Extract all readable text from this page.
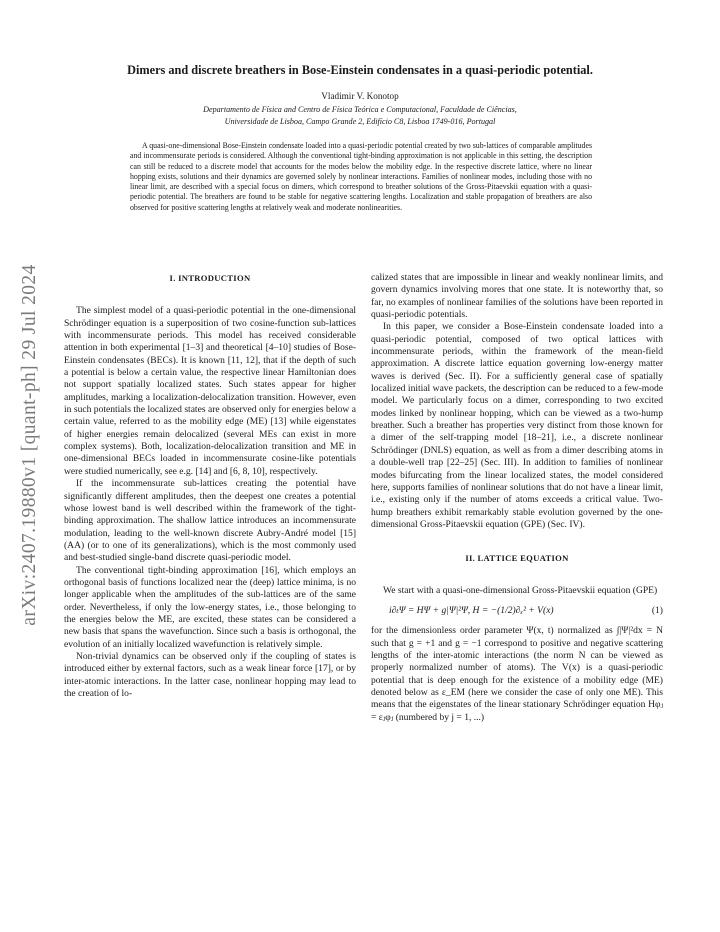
arXiv:2407.19880v1 [quant-ph] 29 Jul 2024
Dimers and discrete breathers in Bose-Einstein condensates in a quasi-periodic potential.
Vladimir V. Konotop
Departamento de Física and Centro de Física Teórica e Computacional, Faculdade de Ciências,
Universidade de Lisboa, Campo Grande 2, Edifício C8, Lisboa 1749-016, Portugal

A quasi-one-dimensional Bose-Einstein condensate loaded into a quasi-periodic potential created by two sub-lattices of comparable amplitudes and incommensurate periods is considered. Although the conventional tight-binding approximation is not applicable in this setting, the description can still be reduced to a discrete model that accounts for the modes below the mobility edge. In the respective discrete lattice, where no linear hopping exists, solutions and their dynamics are governed solely by nonlinear interactions. Families of nonlinear modes, including those with no linear limit, are described with a special focus on dimers, which correspond to breather solutions of the Gross-Pitaevskii equation with a quasi-periodic potential. The breathers are found to be stable for negative scattering lengths. Localization and stable propagation of breathers are also observed for positive scattering lengths at relatively weak and moderate nonlinearities.

I. INTRODUCTION

The simplest model of a quasi-periodic potential in the one-dimensional Schrödinger equation is a superposition of two cosine-function sub-lattices with incommensurate periods. This model has received considerable attention in both experimental [1–3] and theoretical [4–10] studies of Bose-Einstein condensates (BECs). It is known [11, 12], that if the depth of such a potential is below a certain value, the respective linear Hamiltonian does not support spatially localized states. Such states appear for higher amplitudes, marking a localization-delocalization transition. However, even in such potentials the localized states are observed only for energies below a certain value, referred to as the mobility edge (ME) [13] while eigenstates of higher energies remain delocalized (several MEs can exist in more complex systems). Both, localization-delocalization transition and ME in one-dimensional BECs loaded in incommensurate cosine-like potentials were studied numerically, see e.g. [14] and [6, 8, 10], respectively.

If the incommensurate sub-lattices creating the potential have significantly different amplitudes, then the deepest one creates a potential whose lowest band is well described within the framework of the tight-binding approximation. The shallow lattice introduces an incommensurate modulation, leading to the well-known discrete Aubry-André model [15] (AA) (or to one of its generalizations), which is the most commonly used and best-studied single-band discrete quasi-periodic model.

The conventional tight-binding approximation [16], which employs an orthogonal basis of functions localized near the (deep) lattice minima, is no longer applicable when the amplitudes of the sub-lattices are of the same order. Nevertheless, if only the low-energy states, i.e., those belonging to the energies below the ME, are excited, these states can be considered a new basis that spans the wavefunction. Since such a basis is orthogonal, the evolution of an initially localized wavefunction is relatively simple.

Non-trivial dynamics can be observed only if the coupling of states is introduced either by external factors, such as a weak linear force [17], or by inter-atomic interactions. In the latter case, nonlinear hopping may lead to the creation of lo-

calized states that are impossible in linear and weakly nonlinear limits, and govern dynamics involving mores that one state. It is noteworthy that, so far, no examples of nonlinear families of the solutions have been reported in quasi-periodic potentials.

In this paper, we consider a Bose-Einstein condensate loaded into a quasi-periodic potential, composed of two optical lattices with incommensurate periods, within the framework of the mean-field approximation. A discrete lattice equation governing low-energy matter waves is derived (Sec. II). For a sufficiently general case of spatially localized initial wave packets, the description can be reduced to a few-mode model. We particularly focus on a dimer, corresponding to two excited modes linked by nonlinear hopping, which can be viewed as a two-hump breather. Such a breather has properties very distinct from those known for a dimer of the self-trapping model [18–21], i.e., a discrete nonlinear Schrödinger (DNLS) equation, as well as from a dimer describing atoms in a double-well trap [22–25] (Sec. III). In addition to families of nonlinear modes bifurcating from the linear localized states, the model considered here, supports families of nonlinear solutions that do not have a linear limit, i.e., existing only if the number of atoms exceeds a critical value. Two-hump breathers exhibit remarkably stable evolution governed by the one-dimensional Gross-Pitaevskii equation (GPE) (Sec. IV).

II. LATTICE EQUATION

We start with a quasi-one-dimensional Gross-Pitaevskii equation (GPE)

i∂ₜΨ = HΨ + g|Ψ|²Ψ, H = −(1/2)∂ₓ² + V(x)	(1)

for the dimensionless order parameter Ψ(x, t) normalized as ∫|Ψ|²dx = N such that g = +1 and g = −1 correspond to positive and negative scattering lengths of the inter-atomic interactions (the norm N can be viewed as properly normalized number of atoms). The V(x) is a quasi-periodic potential that is deep enough for the existence of a mobility edge (ME) denoted below as ε_EM (here we consider the case of only one ME). This means that the eigenstates of the linear stationary Schrödinger equation Hφⱼ = εⱼφⱼ (numbered by j = 1, ...)
